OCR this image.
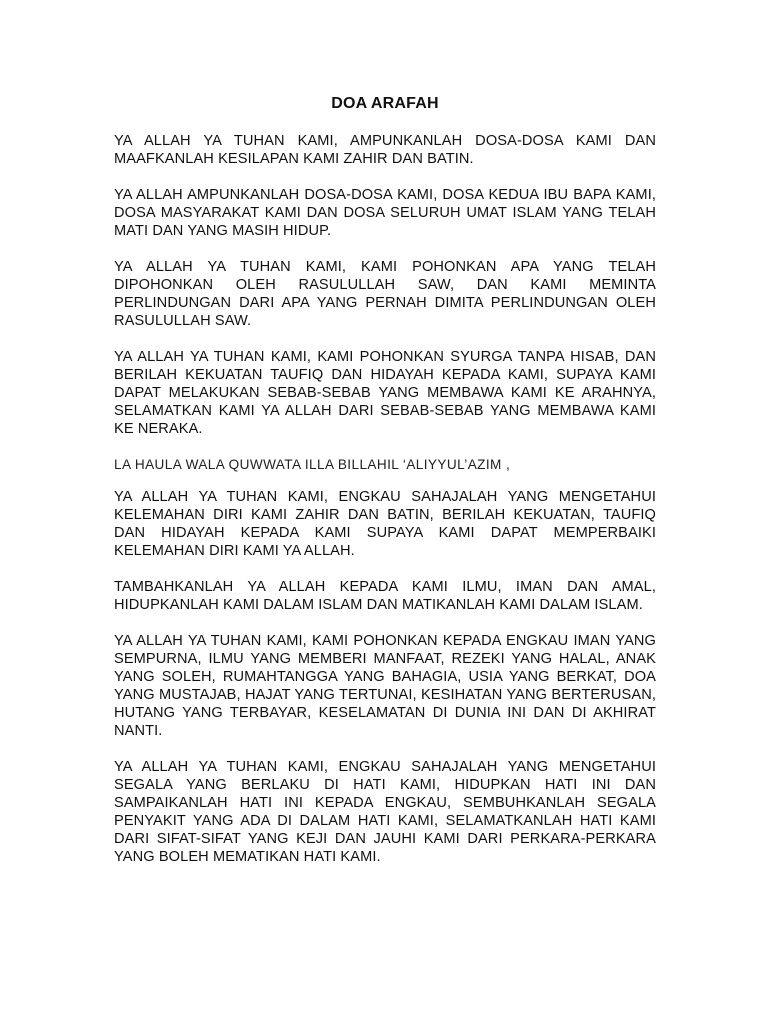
DOA ARAFAH

YA ALLAH YA TUHAN KAMI, AMPUNKANLAH DOSA-DOSA KAMI DAN MAAFKANLAH KESILAPAN KAMI ZAHIR DAN BATIN.

YA ALLAH AMPUNKANLAH DOSA-DOSA KAMI, DOSA KEDUA IBU BAPA KAMI, DOSA MASYARAKAT KAMI DAN DOSA SELURUH UMAT ISLAM YANG TELAH MATI DAN YANG MASIH HIDUP.

YA ALLAH YA TUHAN KAMI, KAMI POHONKAN APA YANG TELAH DIPOHONKAN OLEH RASULULLAH SAW, DAN KAMI MEMINTA PERLINDUNGAN DARI APA YANG PERNAH DIMITA PERLINDUNGAN OLEH RASULULLAH SAW.

YA ALLAH YA TUHAN KAMI, KAMI POHONKAN SYURGA TANPA HISAB, DAN BERILAH KEKUATAN TAUFIQ DAN HIDAYAH KEPADA KAMI, SUPAYA KAMI DAPAT MELAKUKAN SEBAB-SEBAB YANG MEMBAWA KAMI KE ARAHNYA, SELAMATKAN KAMI YA ALLAH DARI SEBAB-SEBAB YANG MEMBAWA KAMI KE NERAKA.

LA HAULA WALA QUWWATA ILLA BILLAHIL ‘ALIYYUL’AZIM ,

YA ALLAH YA TUHAN KAMI, ENGKAU SAHAJALAH YANG MENGETAHUI KELEMAHAN DIRI KAMI ZAHIR DAN BATIN, BERILAH KEKUATAN, TAUFIQ DAN HIDAYAH KEPADA KAMI SUPAYA KAMI DAPAT MEMPERBAIKI KELEMAHAN DIRI KAMI YA ALLAH.

TAMBAHKANLAH YA ALLAH KEPADA KAMI ILMU, IMAN DAN AMAL, HIDUPKANLAH KAMI DALAM ISLAM DAN MATIKANLAH KAMI DALAM ISLAM.

YA ALLAH YA TUHAN KAMI, KAMI POHONKAN KEPADA ENGKAU IMAN YANG SEMPURNA, ILMU YANG MEMBERI MANFAAT, REZEKI YANG HALAL, ANAK YANG SOLEH, RUMAHTANGGA YANG BAHAGIA, USIA YANG BERKAT, DOA YANG MUSTAJAB, HAJAT YANG TERTUNAI, KESIHATAN YANG BERTERUSAN, HUTANG YANG TERBAYAR, KESELAMATAN DI DUNIA INI DAN DI AKHIRAT NANTI.

YA ALLAH YA TUHAN KAMI, ENGKAU SAHAJALAH YANG MENGETAHUI SEGALA YANG BERLAKU DI HATI KAMI, HIDUPKAN HATI INI DAN SAMPAIKANLAH HATI INI KEPADA ENGKAU, SEMBUHKANLAH SEGALA PENYAKIT YANG ADA DI DALAM HATI KAMI, SELAMATKANLAH HATI KAMI DARI SIFAT-SIFAT YANG KEJI DAN JAUHI KAMI DARI PERKARA-PERKARA YANG BOLEH MEMATIKAN HATI KAMI.
